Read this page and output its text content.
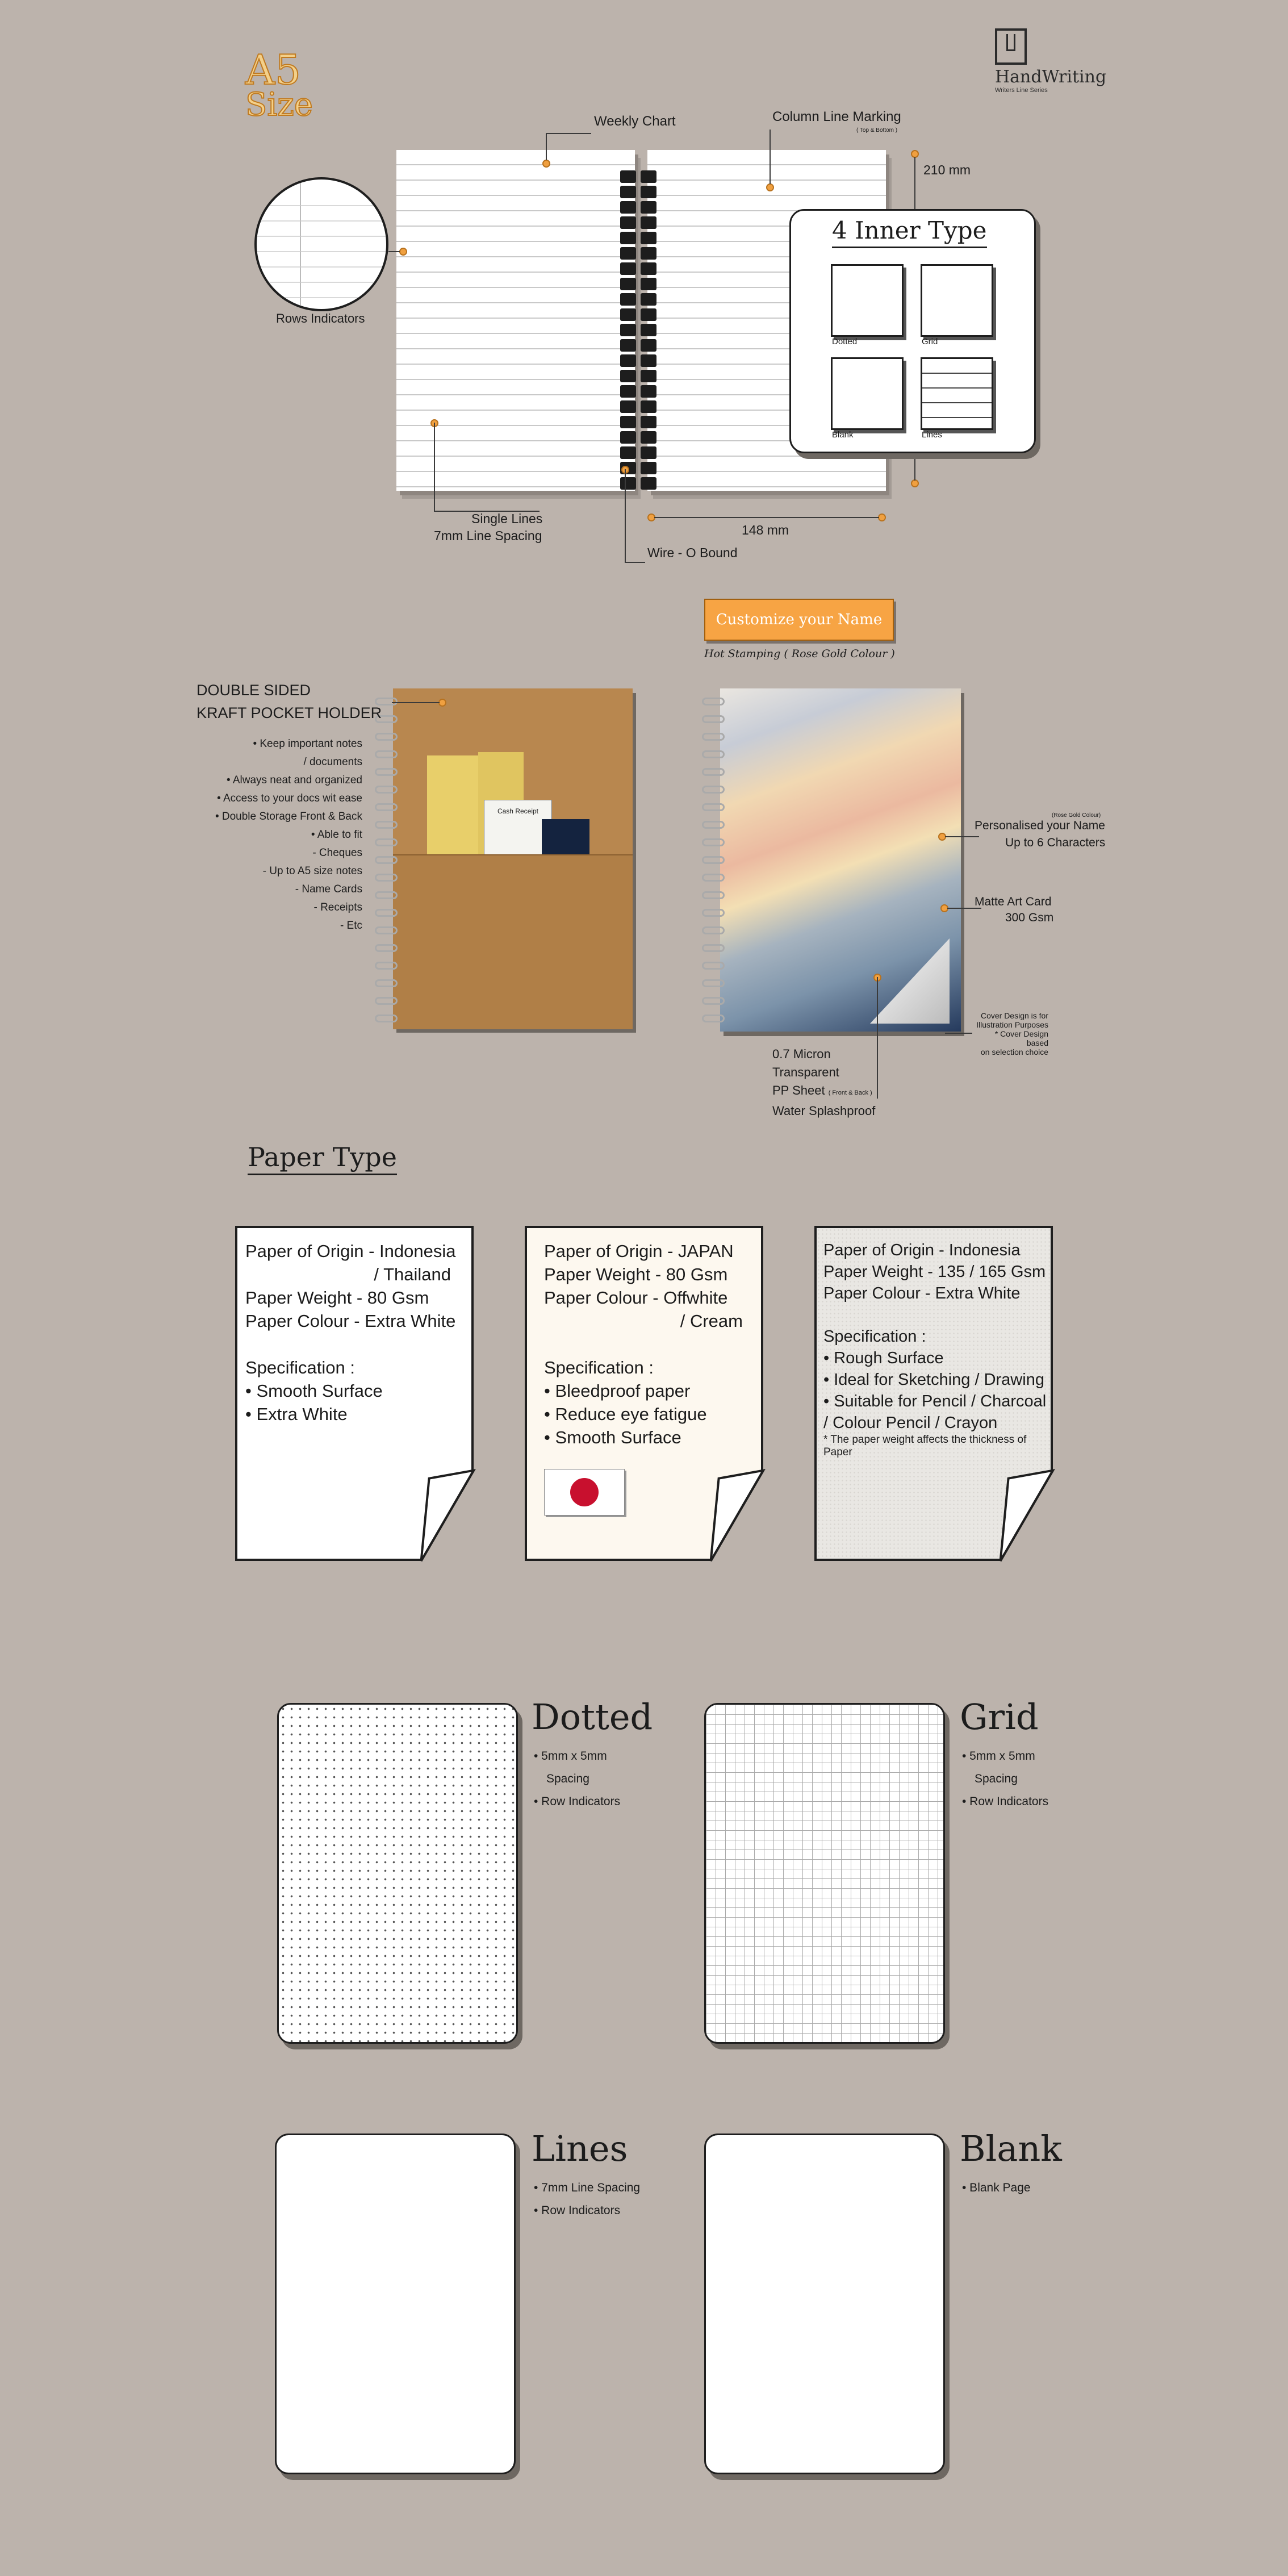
A5
Size
HandWriting
Writers Line Series
Weekly Chart	Column Line Marking
( Top & Bottom )
Rows Indicators
Single Lines
7mm Line Spacing
Wire - O Bound
148 mm
210 mm
4 Inner Type
Dotted	Grid
Blank	Lines
Customize your Name
Hot Stamping ( Rose Gold Colour )
Cash Receipt
DOUBLE SIDED
KRAFT POCKET HOLDER
• Keep important notes
/ documents
• Always neat and organized
• Access to your docs wit ease
• Double Storage Front & Back
• Able to fit
- Cheques
- Up to A5 size notes
- Name Cards
- Receipts
- Etc
(Rose Gold Colour)
Personalised your Name
Up to 6 Characters
Matte Art Card
300 Gsm
Cover Design is for
Illustration Purposes
* Cover Design based
on selection choice
0.7 Micron
Transparent
PP Sheet ( Front & Back )
Water Splashproof
Paper Type
Paper of Origin - Indonesia
/ Thailand
Paper Weight - 80 Gsm
Paper Colour - Extra White
Specification :
• Smooth Surface
• Extra White
Paper of Origin - JAPAN
Paper Weight - 80 Gsm
Paper Colour - Offwhite
/ Cream
Specification :
• Bleedproof paper
• Reduce eye fatigue
• Smooth Surface
Paper of Origin - Indonesia
Paper Weight - 135 / 165 Gsm
Paper Colour - Extra White
Specification :
• Rough Surface
• Ideal for Sketching / Drawing
• Suitable for Pencil / Charcoal
/ Colour Pencil / Crayon
* The paper weight affects the thickness of Paper
Dotted
• 5mm x 5mm
Spacing
• Row Indicators
Grid
• 5mm x 5mm
Spacing
• Row Indicators
Lines
• 7mm Line Spacing
• Row Indicators
Blank
• Blank Page
